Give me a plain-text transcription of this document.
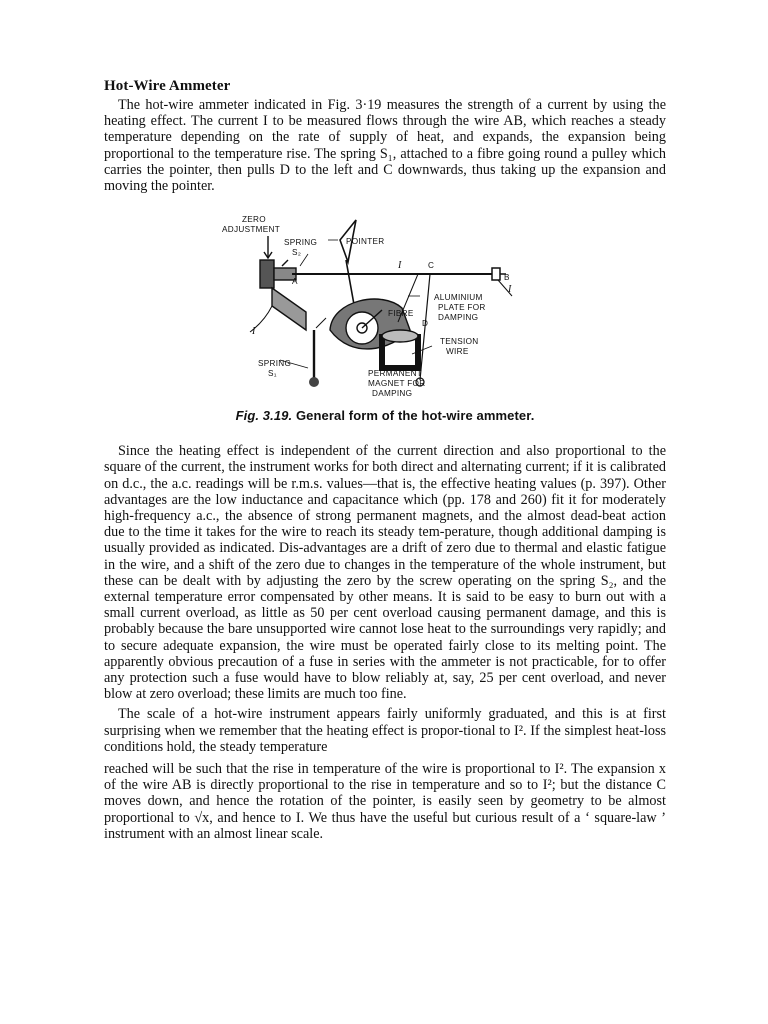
Hot-Wire Ammeter

The hot-wire ammeter indicated in Fig. 3·19 measures the strength of a current by using the heating effect. The current I to be measured flows through the wire AB, which reaches a steady temperature depending on the rate of supply of heat, and expands, the expansion being proportional to the temperature rise. The spring S₁, attached to a fibre going round a pulley which carries the pointer, then pulls D to the left and C downwards, thus taking up the expansion and moving the pointer.

ZERO
ADJUSTMENT
SPRING
S₂
POINTER
I	C
B
A
I
I
FIBRE
D
ALUMINIUM
PLATE FOR
DAMPING
TENSION
WIRE
SPRING
S₁	PERMANENT
MAGNET FOR
DAMPING
Fig. 3.19. General form of the hot-wire ammeter.

Since the heating effect is independent of the current direction and also proportional to the square of the current, the instrument works for both direct and alternating current; if it is calibrated on d.c., the a.c. readings will be r.m.s. values—that is, the effective heating values (p. 397). Other advantages are the low inductance and capacitance which (pp. 178 and 260) fit it for moderately high-frequency a.c., the absence of strong permanent magnets, and the almost dead-beat action due to the time it takes for the wire to reach its steady tem-perature, though additional damping is usually provided as indicated. Dis-advantages are a drift of zero due to thermal and elastic fatigue in the wire, and a shift of the zero due to changes in the temperature of the whole instrument, but these can be dealt with by adjusting the zero by the screw operating on the spring S₂, and the external temperature error compensated by other means. It is said to be easy to burn out with a small current overload, as little as 50 per cent overload causing permanent damage, and this is probably because the bare unsupported wire cannot lose heat to the surroundings very rapidly; and to secure adequate expansion, the wire must be operated fairly close to its melting point. The apparently obvious precaution of a fuse in series with the ammeter is not practicable, for to offer any protection such a fuse would have to blow reliably at, say, 25 per cent overload, and never blow at zero overload; these limits are much too fine.

The scale of a hot-wire instrument appears fairly uniformly graduated, and this is at first surprising when we remember that the heating effect is propor-tional to I². If the simplest heat-loss conditions hold, the steady temperature

reached will be such that the rise in temperature of the wire is proportional to I². The expansion x of the wire AB is directly proportional to the rise in temperature and so to I²; but the distance C moves down, and hence the rotation of the pointer, is easily seen by geometry to be almost proportional to √x, and hence to I. We thus have the useful but curious result of a ‘ square-law ’ instrument with an almost linear scale.
